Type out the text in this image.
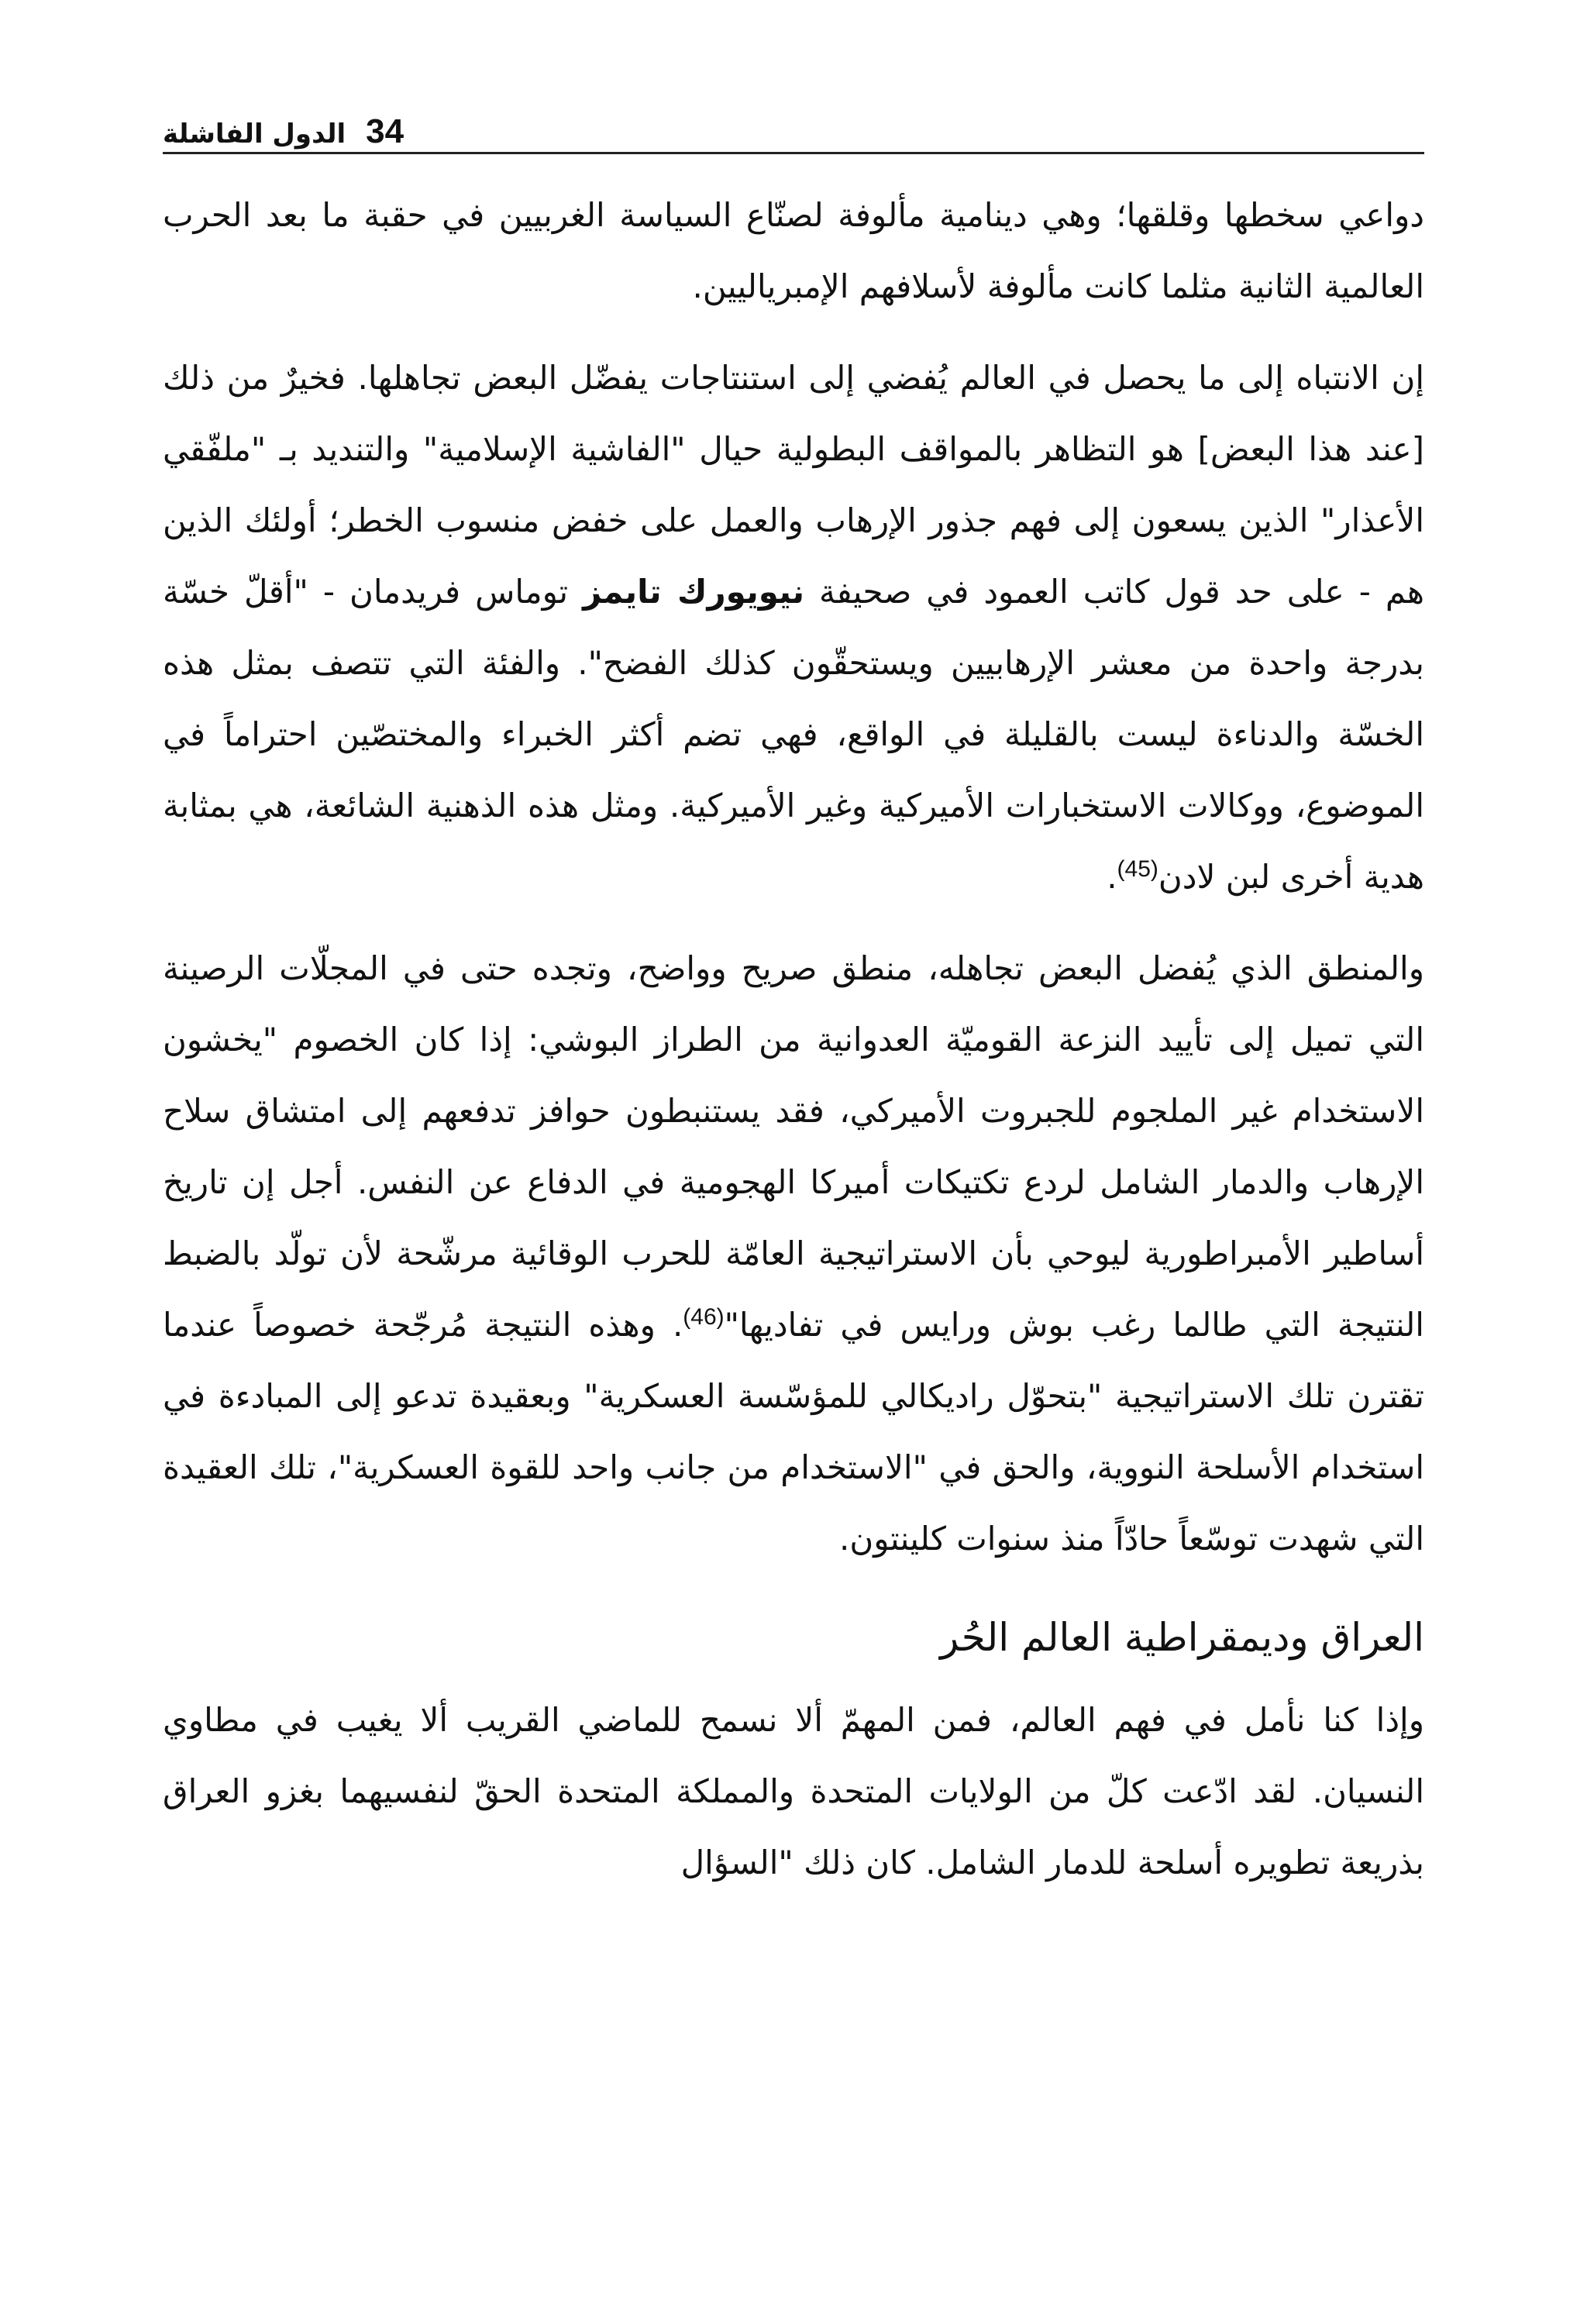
34
الدول الفاشلة

دواعي سخطها وقلقها؛ وهي دينامية مألوفة لصنّاع السياسة الغربيين في حقبة ما بعد الحرب العالمية الثانية مثلما كانت مألوفة لأسلافهم الإمبرياليين.

إن الانتباه إلى ما يحصل في العالم يُفضي إلى استنتاجات يفضّل البعض تجاهلها. فخيرٌ من ذلك [عند هذا البعض] هو التظاهر بالمواقف البطولية حيال "الفاشية الإسلامية" والتنديد بـ "ملفّقي الأعذار" الذين يسعون إلى فهم جذور الإرهاب والعمل على خفض منسوب الخطر؛ أولئك الذين هم - على حد قول كاتب العمود في صحيفة نيويورك تايمز توماس فريدمان - "أقلّ خسّة بدرجة واحدة من معشر الإرهابيين ويستحقّون كذلك الفضح". والفئة التي تتصف بمثل هذه الخسّة والدناءة ليست بالقليلة في الواقع، فهي تضم أكثر الخبراء والمختصّين احتراماً في الموضوع، ووكالات الاستخبارات الأميركية وغير الأميركية. ومثل هذه الذهنية الشائعة، هي بمثابة هدية أخرى لبن لادن$^{(45)}$.

والمنطق الذي يُفضل البعض تجاهله، منطق صريح وواضح، وتجده حتى في المجلّات الرصينة التي تميل إلى تأييد النزعة القوميّة العدوانية من الطراز البوشي: إذا كان الخصوم "يخشون الاستخدام غير الملجوم للجبروت الأميركي، فقد يستنبطون حوافز تدفعهم إلى امتشاق سلاح الإرهاب والدمار الشامل لردع تكتيكات أميركا الهجومية في الدفاع عن النفس. أجل إن تاريخ أساطير الأمبراطورية ليوحي بأن الاستراتيجية العامّة للحرب الوقائية مرشّحة لأن تولّد بالضبط النتيجة التي طالما رغب بوش ورايس في تفاديها"$^{(46)}$. وهذه النتيجة مُرجّحة خصوصاً عندما تقترن تلك الاستراتيجية "بتحوّل راديكالي للمؤسّسة العسكرية" وبعقيدة تدعو إلى المبادءة في استخدام الأسلحة النووية، والحق في "الاستخدام من جانب واحد للقوة العسكرية"، تلك العقيدة التي شهدت توسّعاً حادّاً منذ سنوات كلينتون.

العراق وديمقراطية العالم الحُر

وإذا كنا نأمل في فهم العالم، فمن المهمّ ألا نسمح للماضي القريب ألا يغيب في مطاوي النسيان. لقد ادّعت كلّ من الولايات المتحدة والمملكة المتحدة الحقّ لنفسيهما بغزو العراق بذريعة تطويره أسلحة للدمار الشامل. كان ذلك "السؤال
